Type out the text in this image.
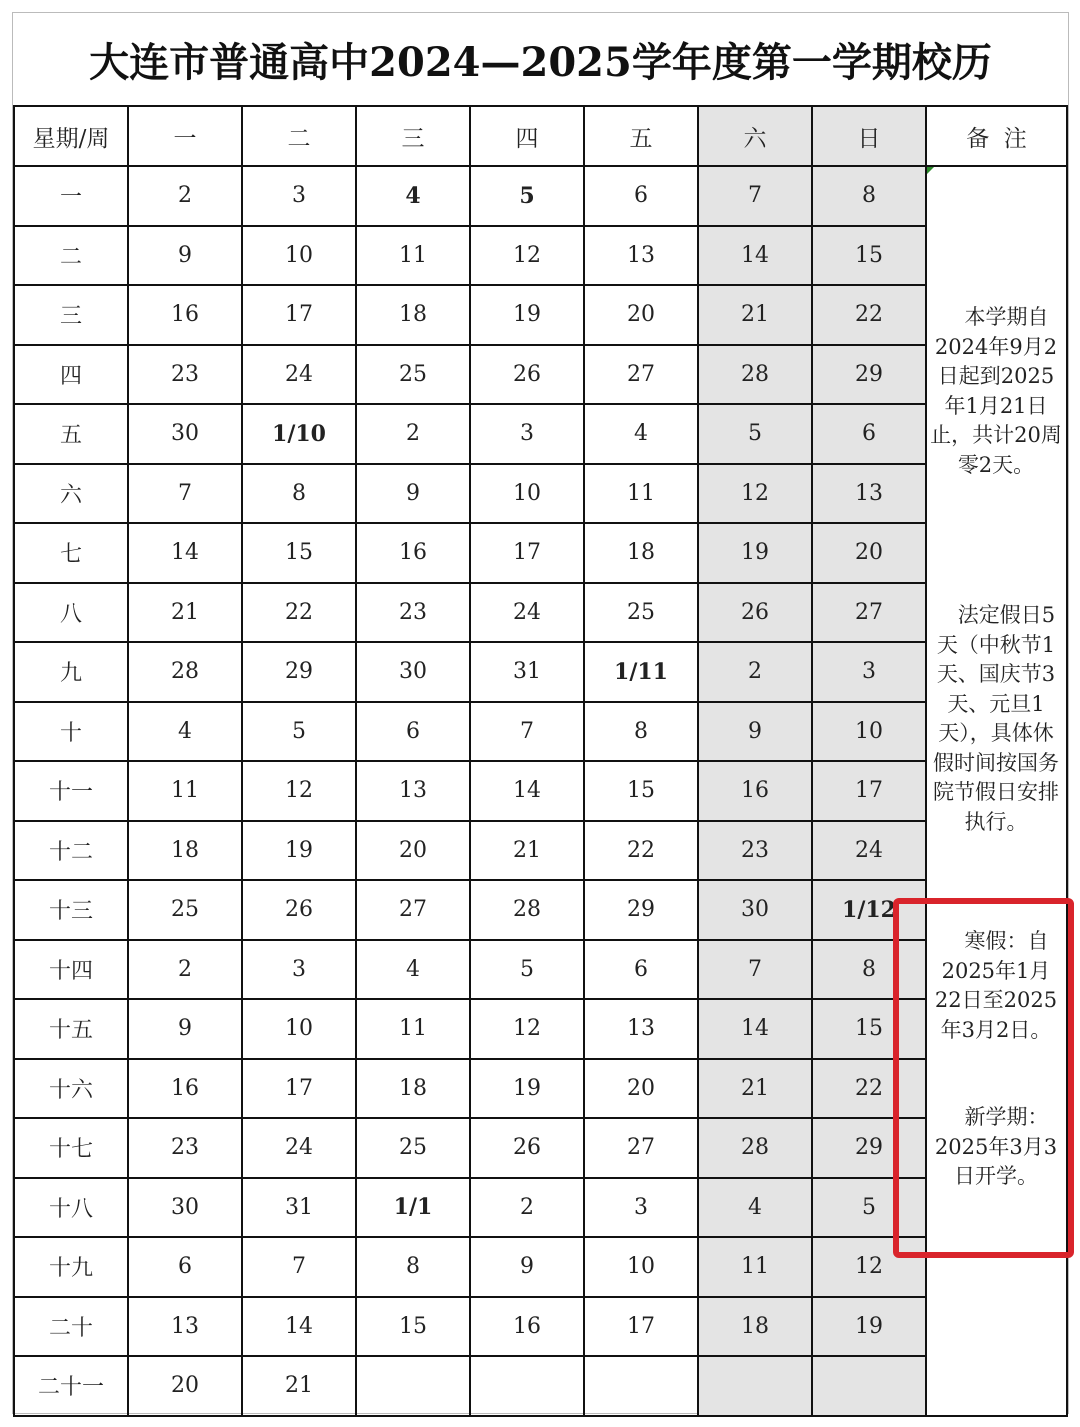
大连市普通高中2024—2025学年度第一学期校历
星期/周	一	二	三	四	五	六	日	备  注
一	2	3	4	5	6	7	8	　本学期自2024年9月2日起到2025年1月21日止，共计20周零2天。
　法定假日5天（中秋节1天、国庆节3天、元旦1天），具体休假时间按国务院节假日安排执行。
　寒假：自2025年1月22日至2025年3月2日。
　新学期：2025年3月3日开学。

二	9	10	11	12	13	14	15	
三	16	17	18	19	20	21	22	
四	23	24	25	26	27	28	29	
五	30	1/10	2	3	4	5	6	
六	7	8	9	10	11	12	13	
七	14	15	16	17	18	19	20	
八	21	22	23	24	25	26	27	
九	28	29	30	31	1/11	2	3	
十	4	5	6	7	8	9	10	
十一	11	12	13	14	15	16	17	
十二	18	19	20	21	22	23	24	
十三	25	26	27	28	29	30	1/12	
十四	2	3	4	5	6	7	8	
十五	9	10	11	12	13	14	15	
十六	16	17	18	19	20	21	22	
十七	23	24	25	26	27	28	29	
十八	30	31	1/1	2	3	4	5	
十九	6	7	8	9	10	11	12	
二十	13	14	15	16	17	18	19	
二十一	20	21						
